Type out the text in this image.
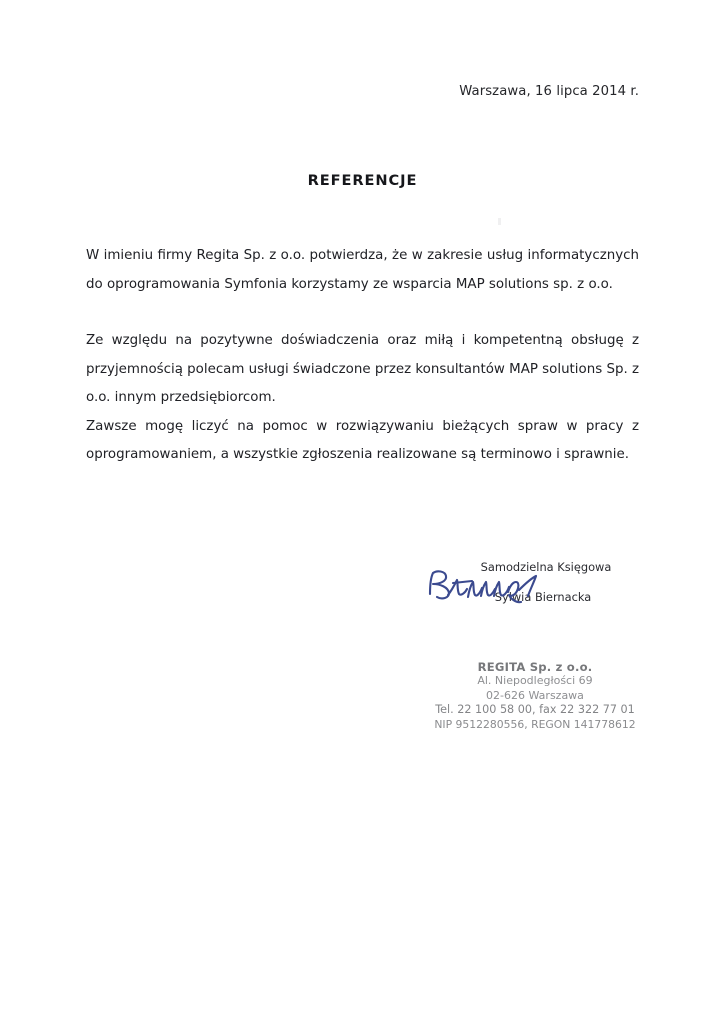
Warszawa, 16 lipca 2014 r.
REFERENCJE

W imieniu firmy Regita Sp. z o.o. potwierdza, że w zakresie usług informatycznych do oprogramowania Symfonia korzystamy ze wsparcia MAP solutions sp. z o.o.

Ze względu na pozytywne doświadczenia oraz miłą i kompetentną obsługę z przyjemnością polecam usługi świadczone przez konsultantów MAP solutions Sp. z o.o. innym przedsiębiorcom.

Zawsze mogę liczyć na pomoc w rozwiązywaniu bieżących spraw w pracy z oprogramowaniem, a wszystkie zgłoszenia realizowane są terminowo i sprawnie.

Samodzielna Księgowa
Sylwia Biernacka
REGITA Sp. z o.o.
Al. Niepodległości 69
02-626 Warszawa
Tel. 22 100 58 00, fax 22 322 77 01
NIP 9512280556, REGON 141778612
